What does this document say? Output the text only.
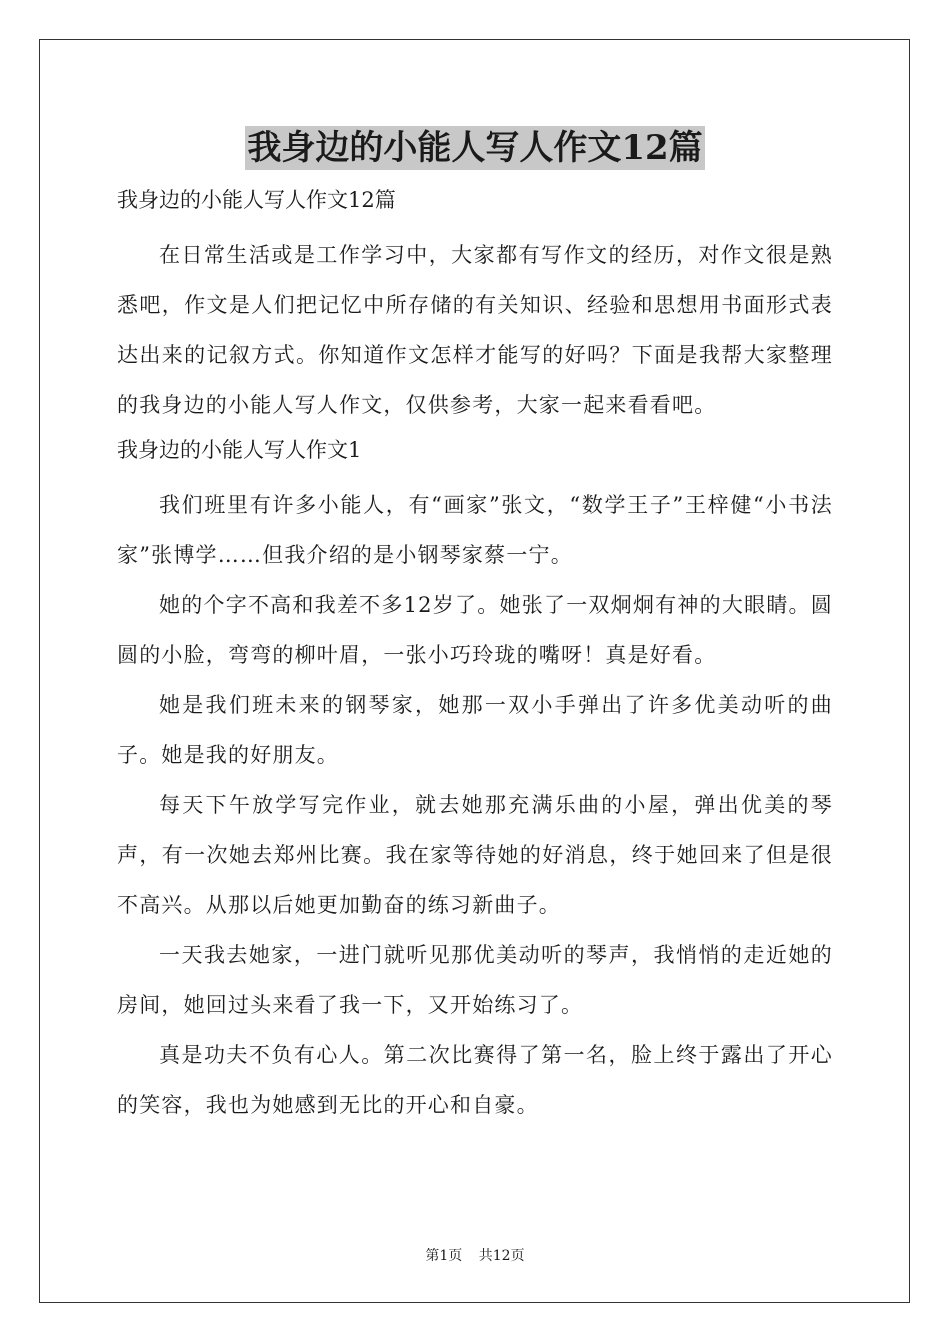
我身边的小能人写人作文12篇
我身边的小能人写人作文12篇

在日常生活或是工作学习中，大家都有写作文的经历，对作文很是熟悉吧，作文是人们把记忆中所存储的有关知识、经验和思想用书面形式表达出来的记叙方式。你知道作文怎样才能写的好吗？下面是我帮大家整理的我身边的小能人写人作文，仅供参考，大家一起来看看吧。

我身边的小能人写人作文1

我们班里有许多小能人，有“画家”张文，“数学王子”王梓健“小书法家”张博学……但我介绍的是小钢琴家蔡一宁。

她的个字不高和我差不多12岁了。她张了一双炯炯有神的大眼睛。圆圆的小脸，弯弯的柳叶眉，一张小巧玲珑的嘴呀！真是好看。

她是我们班未来的钢琴家，她那一双小手弹出了许多优美动听的曲子。她是我的好朋友。

每天下午放学写完作业，就去她那充满乐曲的小屋，弹出优美的琴声，有一次她去郑州比赛。我在家等待她的好消息，终于她回来了但是很不高兴。从那以后她更加勤奋的练习新曲子。

一天我去她家，一进门就听见那优美动听的琴声，我悄悄的走近她的房间，她回过头来看了我一下，又开始练习了。

真是功夫不负有心人。第二次比赛得了第一名，脸上终于露出了开心的笑容，我也为她感到无比的开心和自豪。

第1页 共12页
